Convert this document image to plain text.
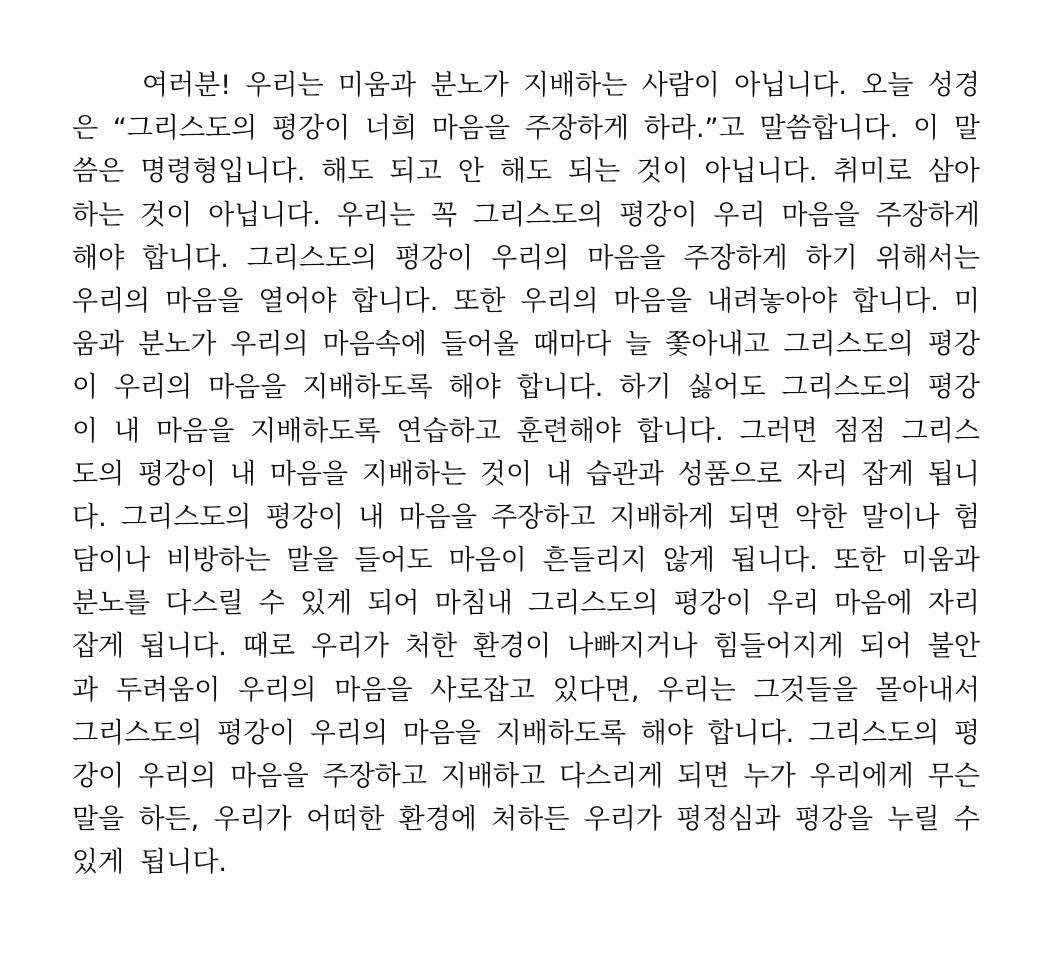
여러분! 우리는 미움과 분노가 지배하는 사람이 아닙니다. 오늘 성경
은 “그리스도의 평강이 너희 마음을 주장하게 하라.”고 말씀합니다. 이 말
씀은 명령형입니다. 해도 되고 안 해도 되는 것이 아닙니다. 취미로 삼아
하는 것이 아닙니다. 우리는 꼭 그리스도의 평강이 우리 마음을 주장하게
해야 합니다. 그리스도의 평강이 우리의 마음을 주장하게 하기 위해서는
우리의 마음을 열어야 합니다. 또한 우리의 마음을 내려놓아야 합니다. 미
움과 분노가 우리의 마음속에 들어올 때마다 늘 쫓아내고 그리스도의 평강
이 우리의 마음을 지배하도록 해야 합니다. 하기 싫어도 그리스도의 평강
이 내 마음을 지배하도록 연습하고 훈련해야 합니다. 그러면 점점 그리스
도의 평강이 내 마음을 지배하는 것이 내 습관과 성품으로 자리 잡게 됩니
다. 그리스도의 평강이 내 마음을 주장하고 지배하게 되면 악한 말이나 험
담이나 비방하는 말을 들어도 마음이 흔들리지 않게 됩니다. 또한 미움과
분노를 다스릴 수 있게 되어 마침내 그리스도의 평강이 우리 마음에 자리
잡게 됩니다. 때로 우리가 처한 환경이 나빠지거나 힘들어지게 되어 불안
과 두려움이 우리의 마음을 사로잡고 있다면, 우리는 그것들을 몰아내서
그리스도의 평강이 우리의 마음을 지배하도록 해야 합니다. 그리스도의 평
강이 우리의 마음을 주장하고 지배하고 다스리게 되면 누가 우리에게 무슨
말을 하든, 우리가 어떠한 환경에 처하든 우리가 평정심과 평강을 누릴 수
있게 됩니다.
